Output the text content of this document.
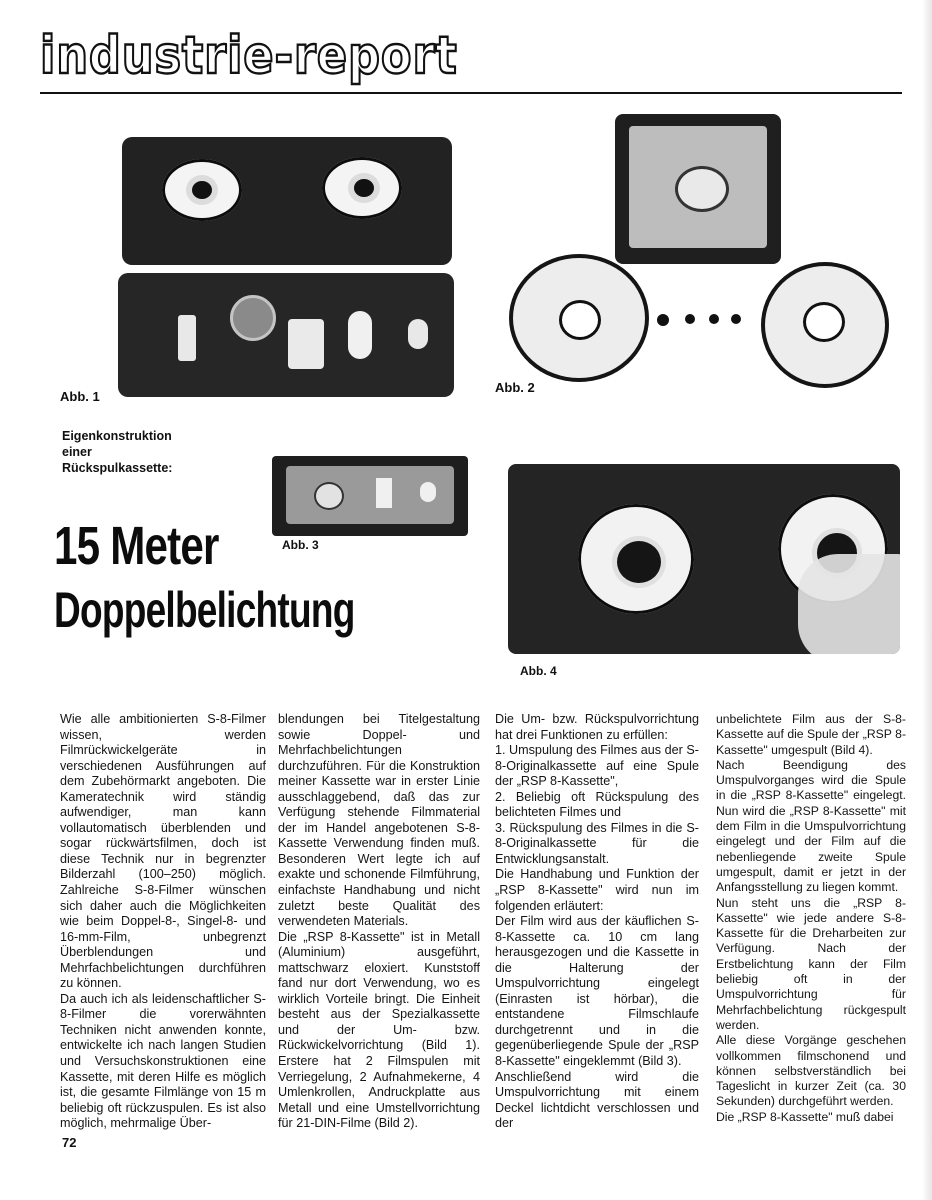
industrie-report
Abb. 1
Abb. 2
Eigenkonstruktion
einer
Rückspulkassette:
Abb. 3
15 Meter
Doppelbelichtung
Abb. 4

Wie alle ambitionierten S-8-Filmer wissen, werden Filmrückwickelgeräte in verschiedenen Ausführungen auf dem Zubehörmarkt angeboten. Die Kameratechnik wird ständig aufwendiger, man kann vollautomatisch überblenden und sogar rückwärtsfilmen, doch ist diese Technik nur in begrenzter Bilderzahl (100–250) möglich. Zahlreiche S-8-Filmer wünschen sich daher auch die Möglichkeiten wie beim Doppel-8-, Singel-8- und 16-mm-Film, unbegrenzt Überblendungen und Mehrfachbelichtungen durchführen zu können.

Da auch ich als leidenschaftlicher S-8-Filmer die vorerwähnten Techniken nicht anwenden konnte, entwickelte ich nach langen Studien und Versuchskonstruktionen eine Kassette, mit deren Hilfe es möglich ist, die gesamte Filmlänge von 15 m beliebig oft rückzuspulen. Es ist also möglich, mehrmalige Über-

blendungen bei Titelgestaltung sowie Doppel- und Mehrfachbelichtungen durchzuführen. Für die Konstruktion meiner Kassette war in erster Linie ausschlaggebend, daß das zur Verfügung stehende Filmmaterial der im Handel angebotenen S-8-Kassette Verwendung finden muß. Besonderen Wert legte ich auf exakte und schonende Filmführung, einfachste Handhabung und nicht zuletzt beste Qualität des verwendeten Materials.

Die „RSP 8-Kassette" ist in Metall (Aluminium) ausgeführt, mattschwarz eloxiert. Kunststoff fand nur dort Verwendung, wo es wirklich Vorteile bringt. Die Einheit besteht aus der Spezialkassette und der Um- bzw. Rückwickelvorrichtung (Bild 1). Erstere hat 2 Filmspulen mit Verriegelung, 2 Aufnahmekerne, 4 Umlenkrollen, Andruckplatte aus Metall und eine Umstellvorrichtung für 21-DIN-Filme (Bild 2).

Die Um- bzw. Rückspulvorrichtung hat drei Funktionen zu erfüllen:

1. Umspulung des Filmes aus der S-8-Originalkassette auf eine Spule der „RSP 8-Kassette",

2. Beliebig oft Rückspulung des belichteten Filmes und

3. Rückspulung des Filmes in die S-8-Originalkassette für die Entwicklungsanstalt.

Die Handhabung und Funktion der „RSP 8-Kassette" wird nun im folgenden erläutert:

Der Film wird aus der käuflichen S-8-Kassette ca. 10 cm lang herausgezogen und die Kassette in die Halterung der Umspulvorrichtung eingelegt (Einrasten ist hörbar), die entstandene Filmschlaufe durchgetrennt und in die gegenüberliegende Spule der „RSP 8-Kassette" eingeklemmt (Bild 3).

Anschließend wird die Umspulvorrichtung mit einem Deckel lichtdicht verschlossen und der

unbelichtete Film aus der S-8-Kassette auf die Spule der „RSP 8-Kassette" umgespult (Bild 4).

Nach Beendigung des Umspulvorganges wird die Spule in die „RSP 8-Kassette" eingelegt. Nun wird die „RSP 8-Kassette" mit dem Film in die Umspulvorrichtung eingelegt und der Film auf die nebenliegende zweite Spule umgespult, damit er jetzt in der Anfangsstellung zu liegen kommt.

Nun steht uns die „RSP 8-Kassette" wie jede andere S-8-Kassette für die Dreharbeiten zur Verfügung. Nach der Erstbelichtung kann der Film beliebig oft in der Umspulvorrichtung für Mehrfachbelichtung rückgespult werden.

Alle diese Vorgänge geschehen vollkommen filmschonend und können selbstverständlich bei Tageslicht in kurzer Zeit (ca. 30 Sekunden) durchgeführt werden.

Die „RSP 8-Kassette" muß dabei

72
